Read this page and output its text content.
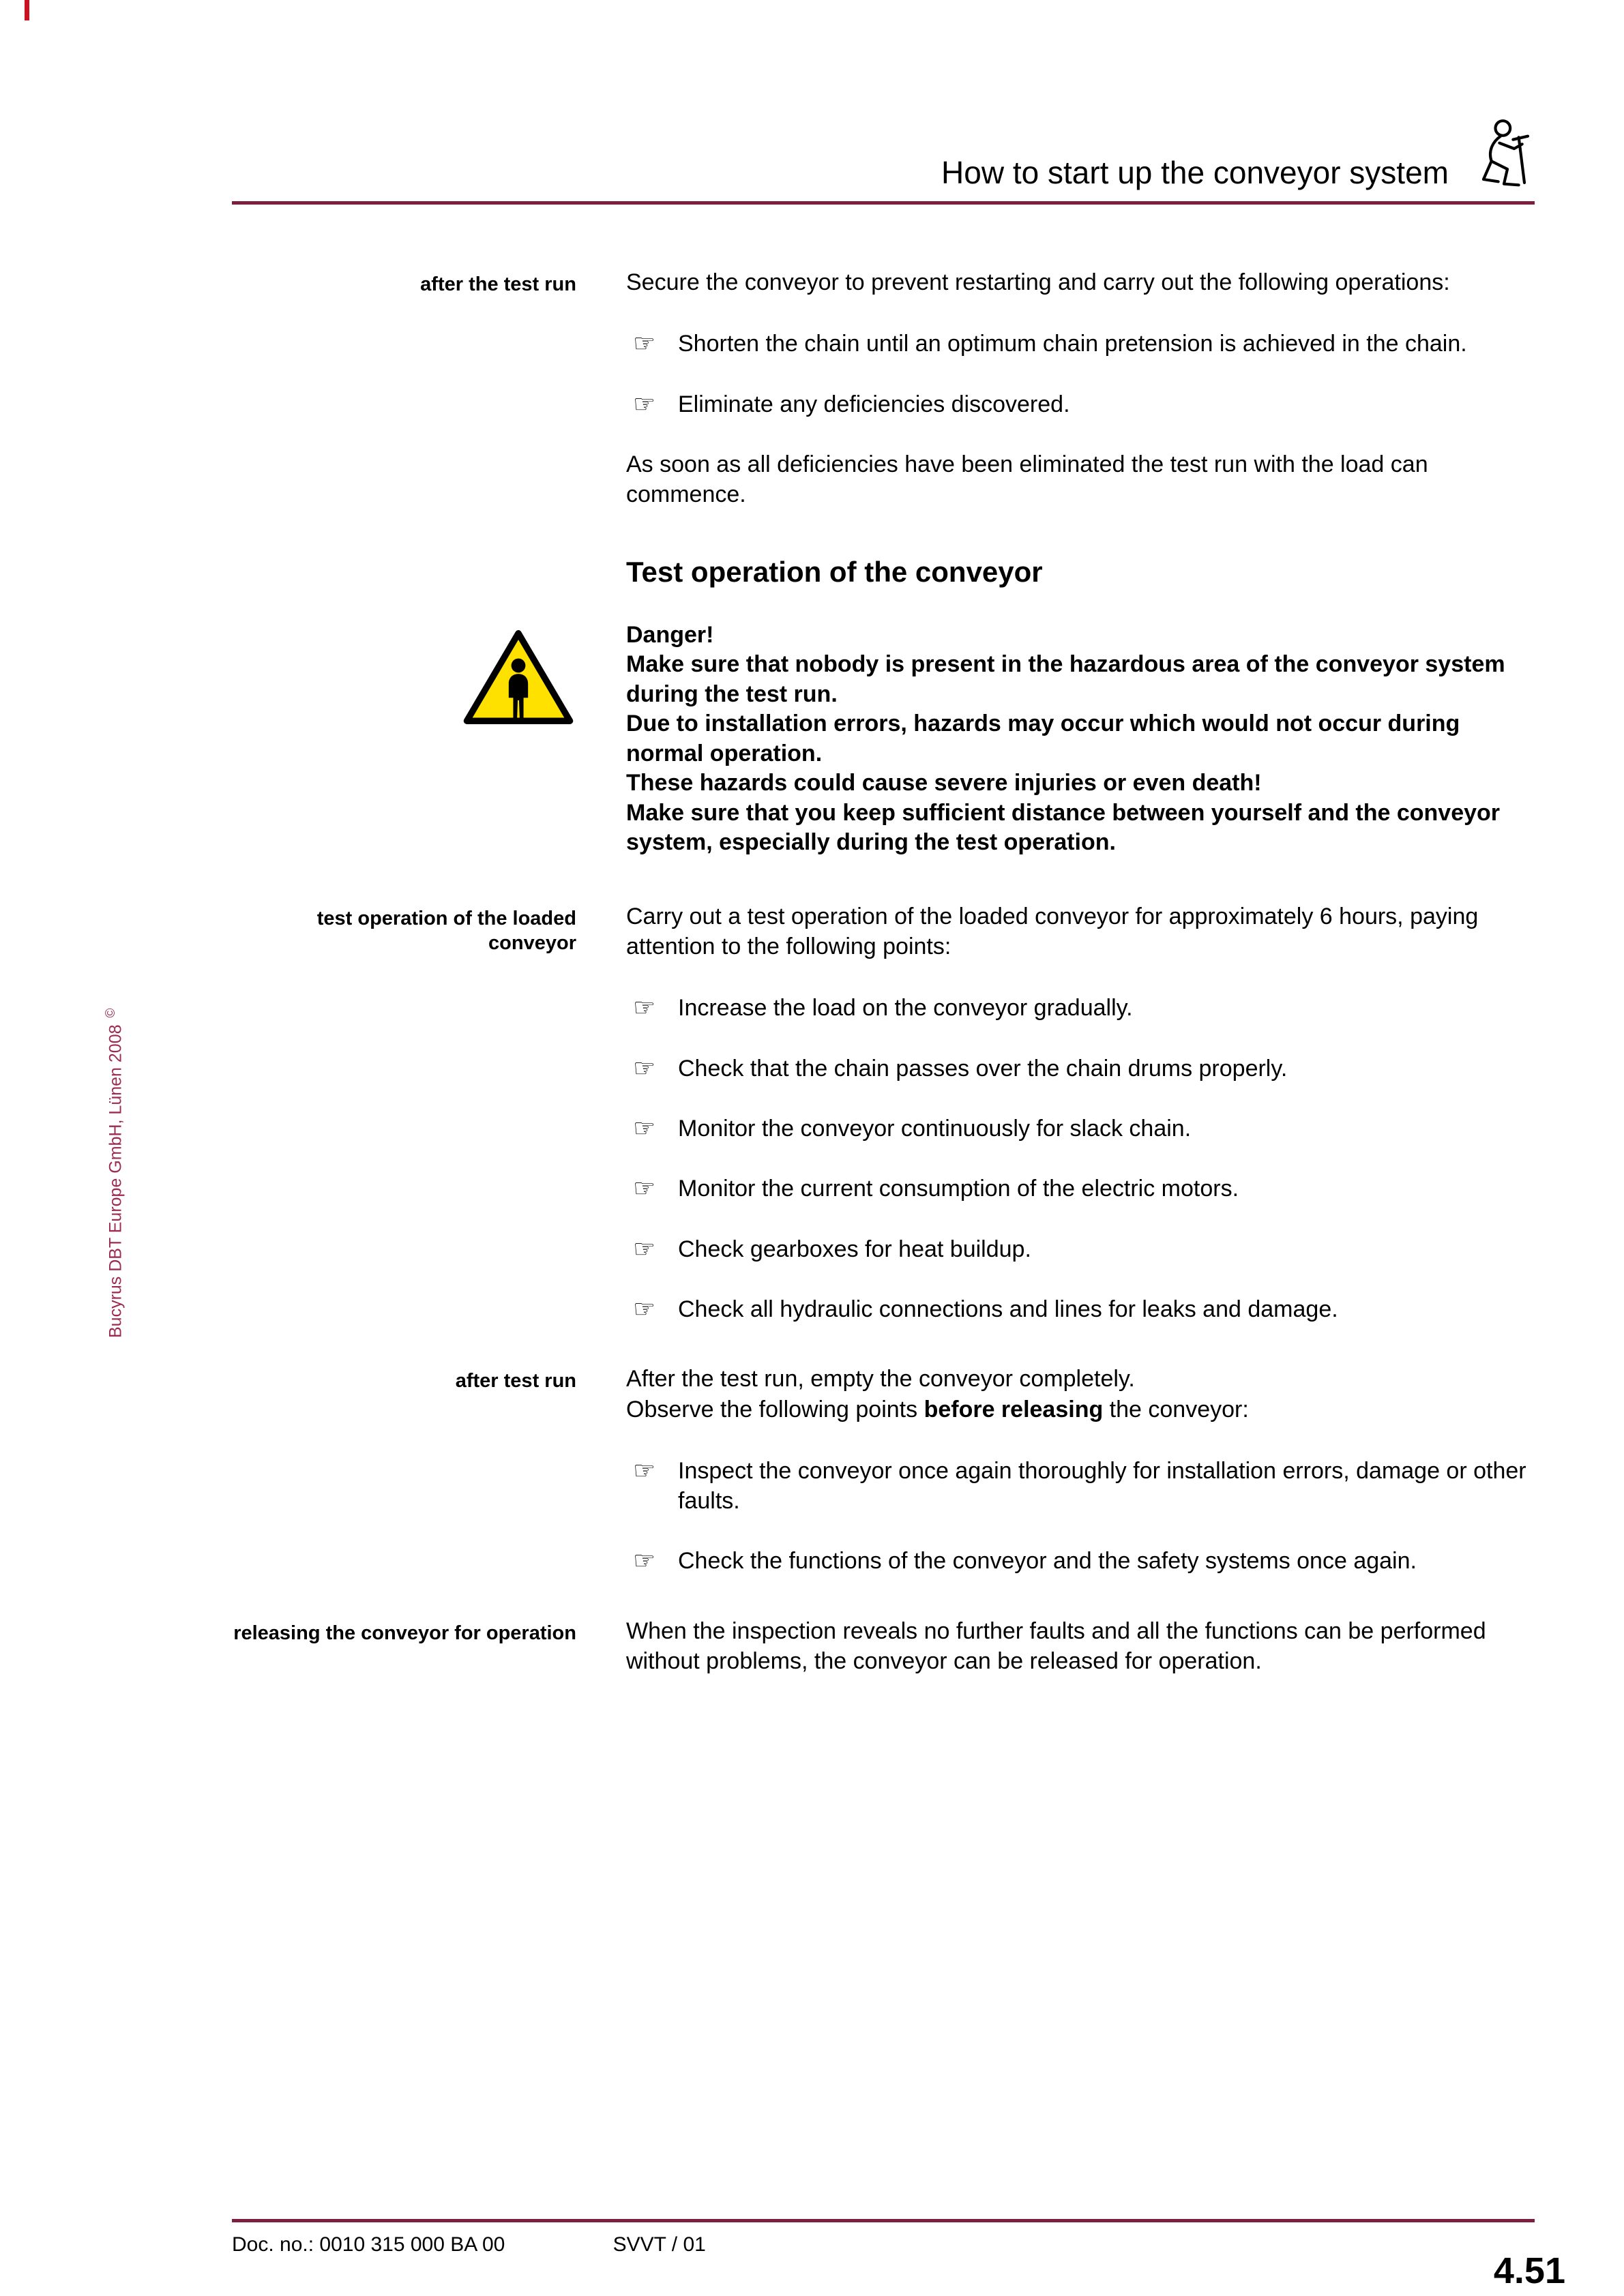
Bucyrus DBT Europe GmbH, Lünen 2008©
How to start up the conveyor system
after the test run Secure the conveyor to prevent restarting and carry out the following operations:

☞ Shorten the chain until an optimum chain pretension is achieved in the chain.
☞ Eliminate any deficiencies discovered.

As soon as all deficiencies have been eliminated the test run with the load can commence.

Test operation of the conveyor
Danger!
Make sure that nobody is present in the hazardous area of the conveyor system during the test run.
Due to installation errors, hazards may occur which would not occur during normal operation.
These hazards could cause severe injuries or even death!
Make sure that you keep sufficient distance between yourself and the conveyor system, especially during the test operation.
test operation of the loaded conveyor

Carry out a test operation of the loaded conveyor for approximately 6 hours, paying attention to the following points:

☞ Increase the load on the conveyor gradually.
☞ Check that the chain passes over the chain drums properly.
☞ Monitor the conveyor continuously for slack chain.
☞ Monitor the current consumption of the electric motors.
☞ Check gearboxes for heat buildup.
☞ Check all hydraulic connections and lines for leaks and damage.
after test run After the test run, empty the conveyor completely.
Observe the following points before releasing the conveyor:

☞ Inspect the conveyor once again thoroughly for installation errors, damage or other faults.
☞ Check the functions of the conveyor and the safety systems once again.
releasing the conveyor for operation When the inspection reveals no further faults and all the functions can be performed without problems, the conveyor can be released for operation.

Doc. no.: 0010 315 000 BA 00	SVVT / 01
4.51
